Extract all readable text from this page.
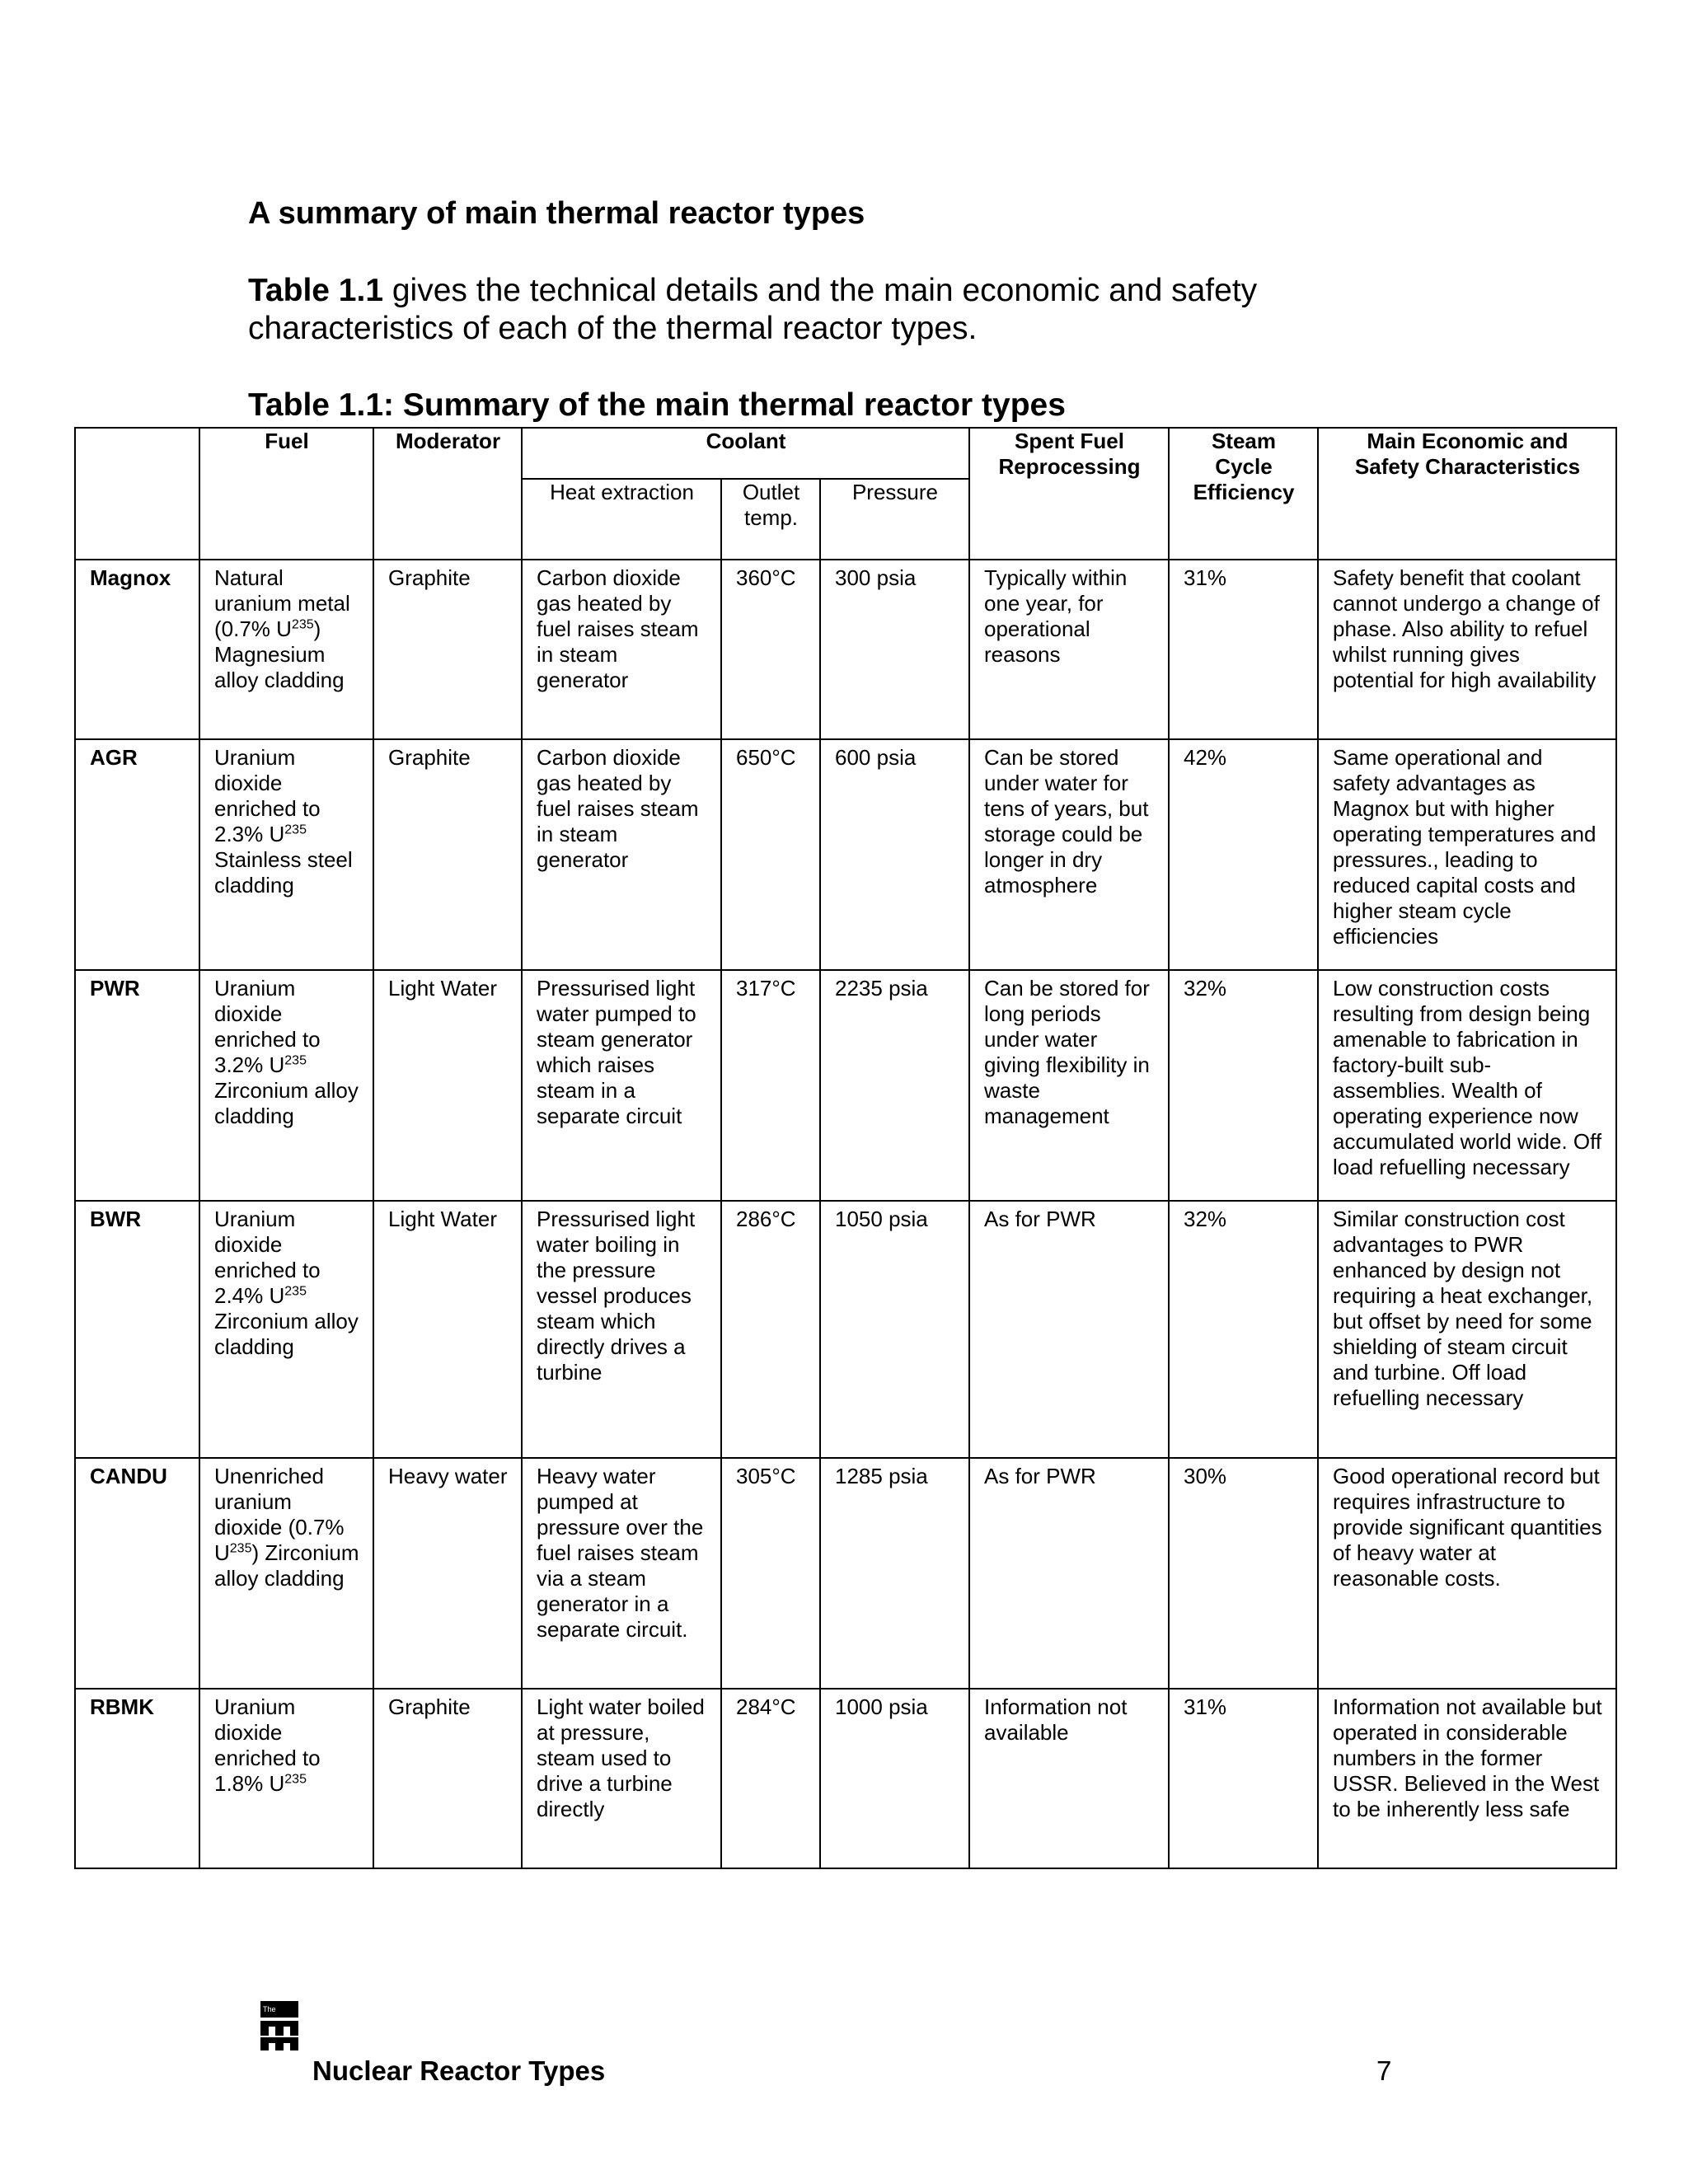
A summary of main thermal reactor types

Table 1.1 gives the technical details and the main economic and safety characteristics of each of the thermal reactor types.

Table 1.1: Summary of the main thermal reactor types

	Fuel	Moderator	Coolant			Spent Fuel Reprocessing	Steam Cycle Efficiency	Main Economic and Safety Characteristics
			Heat extraction	Outlet temp.	Pressure			
Magnox	Natural uranium metal (0.7% $U^{235}$) Magnesium alloy cladding	Graphite	Carbon dioxide gas heated by fuel raises steam in steam generator	360°C	300 psia	Typically within one year, for operational reasons	31%	Safety benefit that coolant cannot undergo a change of phase. Also ability to refuel whilst running gives potential for high availability
AGR	Uranium dioxide enriched to 2.3% $U^{235}$ Stainless steel cladding	Graphite	Carbon dioxide gas heated by fuel raises steam in steam generator	650°C	600 psia	Can be stored under water for tens of years, but storage could be longer in dry atmosphere	42%	Same operational and safety advantages as Magnox but with higher operating temperatures and pressures., leading to reduced capital costs and higher steam cycle efficiencies
PWR	Uranium dioxide enriched to 3.2% $U^{235}$ Zirconium alloy cladding	Light Water	Pressurised light water pumped to steam generator which raises steam in a separate circuit	317°C	2235 psia	Can be stored for long periods under water giving flexibility in waste management	32%	Low construction costs resulting from design being amenable to fabrication in factory-built sub-assemblies. Wealth of operating experience now accumulated world wide. Off load refuelling necessary
BWR	Uranium dioxide enriched to 2.4% $U^{235}$ Zirconium alloy cladding	Light Water	Pressurised light water boiling in the pressure vessel produces steam which directly drives a turbine	286°C	1050 psia	As for PWR	32%	Similar construction cost advantages to PWR enhanced by design not requiring a heat exchanger, but offset by need for some shielding of steam circuit and turbine. Off load refuelling necessary
CANDU	Unenriched uranium dioxide (0.7% $U^{235}$) Zirconium alloy cladding	Heavy water	Heavy water pumped at pressure over the fuel raises steam via a steam generator in a separate circuit.	305°C	1285 psia	As for PWR	30%	Good operational record but requires infrastructure to provide significant quantities of heavy water at reasonable costs.
RBMK	Uranium dioxide enriched to 1.8% $U^{235}$	Graphite	Light water boiled at pressure, steam used to drive a turbine directly	284°C	1000 psia	Information not available	31%	Information not available but operated in considerable numbers in the former USSR. Believed in the West to be inherently less safe
The

Nuclear Reactor Types	7
